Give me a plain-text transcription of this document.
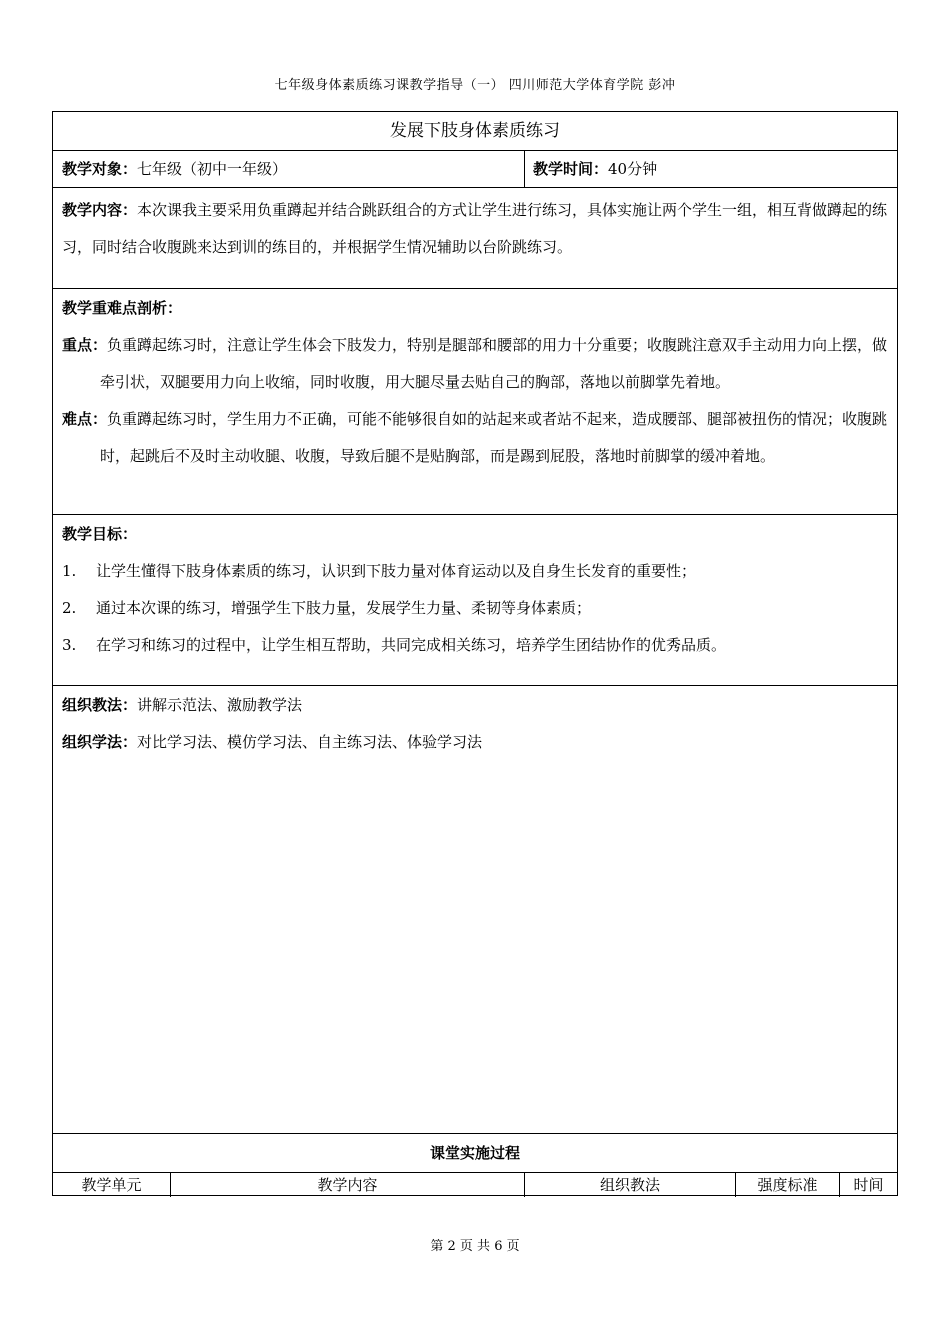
七年级身体素质练习课教学指导（一） 四川师范大学体育学院 彭冲
发展下肢身体素质练习
教学对象：七年级（初中一年级）	教学时间：40分钟
教学内容：本次课我主要采用负重蹲起并结合跳跃组合的方式让学生进行练习，具体实施让两个学生一组，相互背做蹲起的练习，同时结合收腹跳来达到训的练目的，并根据学生情况辅助以台阶跳练习。
教学重难点剖析：
重点：负重蹲起练习时，注意让学生体会下肢发力，特别是腿部和腰部的用力十分重要；收腹跳注意双手主动用力向上摆，做牵引状，双腿要用力向上收缩，同时收腹，用大腿尽量去贴自己的胸部，落地以前脚掌先着地。
难点：负重蹲起练习时，学生用力不正确，可能不能够很自如的站起来或者站不起来，造成腰部、腿部被扭伤的情况；收腹跳时，起跳后不及时主动收腿、收腹，导致后腿不是贴胸部，而是踢到屁股，落地时前脚掌的缓冲着地。
教学目标：
1.	让学生懂得下肢身体素质的练习，认识到下肢力量对体育运动以及自身生长发育的重要性；
2.	通过本次课的练习，增强学生下肢力量，发展学生力量、柔韧等身体素质；
3.	在学习和练习的过程中，让学生相互帮助，共同完成相关练习，培养学生团结协作的优秀品质。
组织教法：讲解示范法、激励教学法
组织学法：对比学习法、模仿学习法、自主练习法、体验学习法
课堂实施过程
教学单元	教学内容	组织教法	强度标准	时间
第 2 页 共 6 页
